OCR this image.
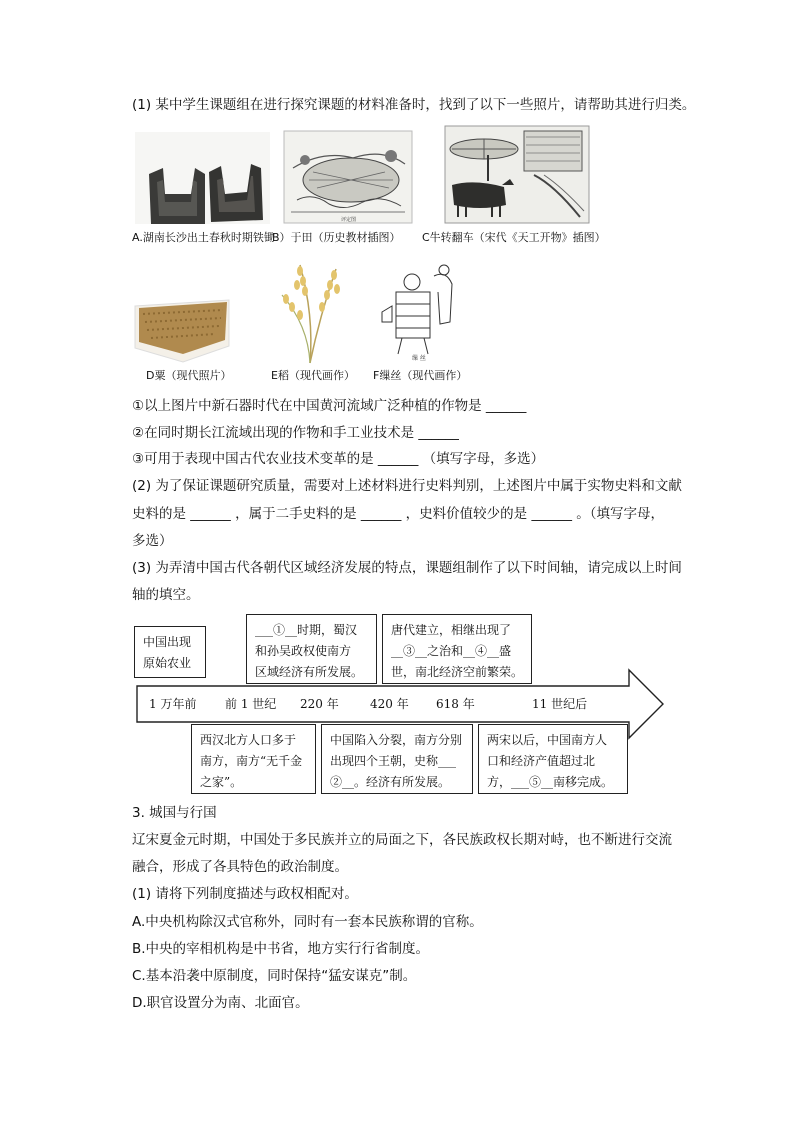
(1) 某中学生课题组在进行探究课题的材料准备时，找到了以下一些照片，请帮助其进行归类。
A.湖南长沙出土春秋时期铁锄
评定图
B）于田（历史教材插图） C牛转翻车（宋代《天工开物》插图）
D粟（现代照片）	E稻（现代画作）
缫 丝
F缫丝（现代画作）
①以上图片中新石器时代在中国黄河流域广泛种植的作物是 ______
②在同时期长江流域出现的作物和手工业技术是 ______
③可用于表现中国古代农业技术变革的是 ______ （填写字母，多选）
(2) 为了保证课题研究质量，需要对上述材料进行史料判别，上述图片中属于实物史料和文献
史料的是 ______ ，属于二手史料的是 ______ ，史料价值较少的是 ______ 。（填写字母，
多选）
(3) 为弄清中国古代各朝代区域经济发展的特点，课题组制作了以下时间轴，请完成以上时间
轴的填空。
中国出现
原始农业
___①__时期，蜀汉
和孙吴政权使南方
区域经济有所发展。
唐代建立，相继出现了
__③__之治和__④__盛
世，南北经济空前繁荣。
1 万年前 前 1 世纪 220 年	420 年 618 年	11 世纪后
西汉北方人口多于
南方，南方“无千金
之家”。
中国陷入分裂，南方分别
出现四个王朝，史称___
②__。经济有所发展。
两宋以后，中国南方人
口和经济产值超过北
方，___⑤__南移完成。
3. 城国与行国
辽宋夏金元时期，中国处于多民族并立的局面之下，各民族政权长期对峙，也不断进行交流
融合，形成了各具特色的政治制度。
(1) 请将下列制度描述与政权相配对。
A.中央机构除汉式官称外，同时有一套本民族称谓的官称。
B.中央的宰相机构是中书省，地方实行行省制度。
C.基本沿袭中原制度，同时保持“猛安谋克”制。
D.职官设置分为南、北面官。
